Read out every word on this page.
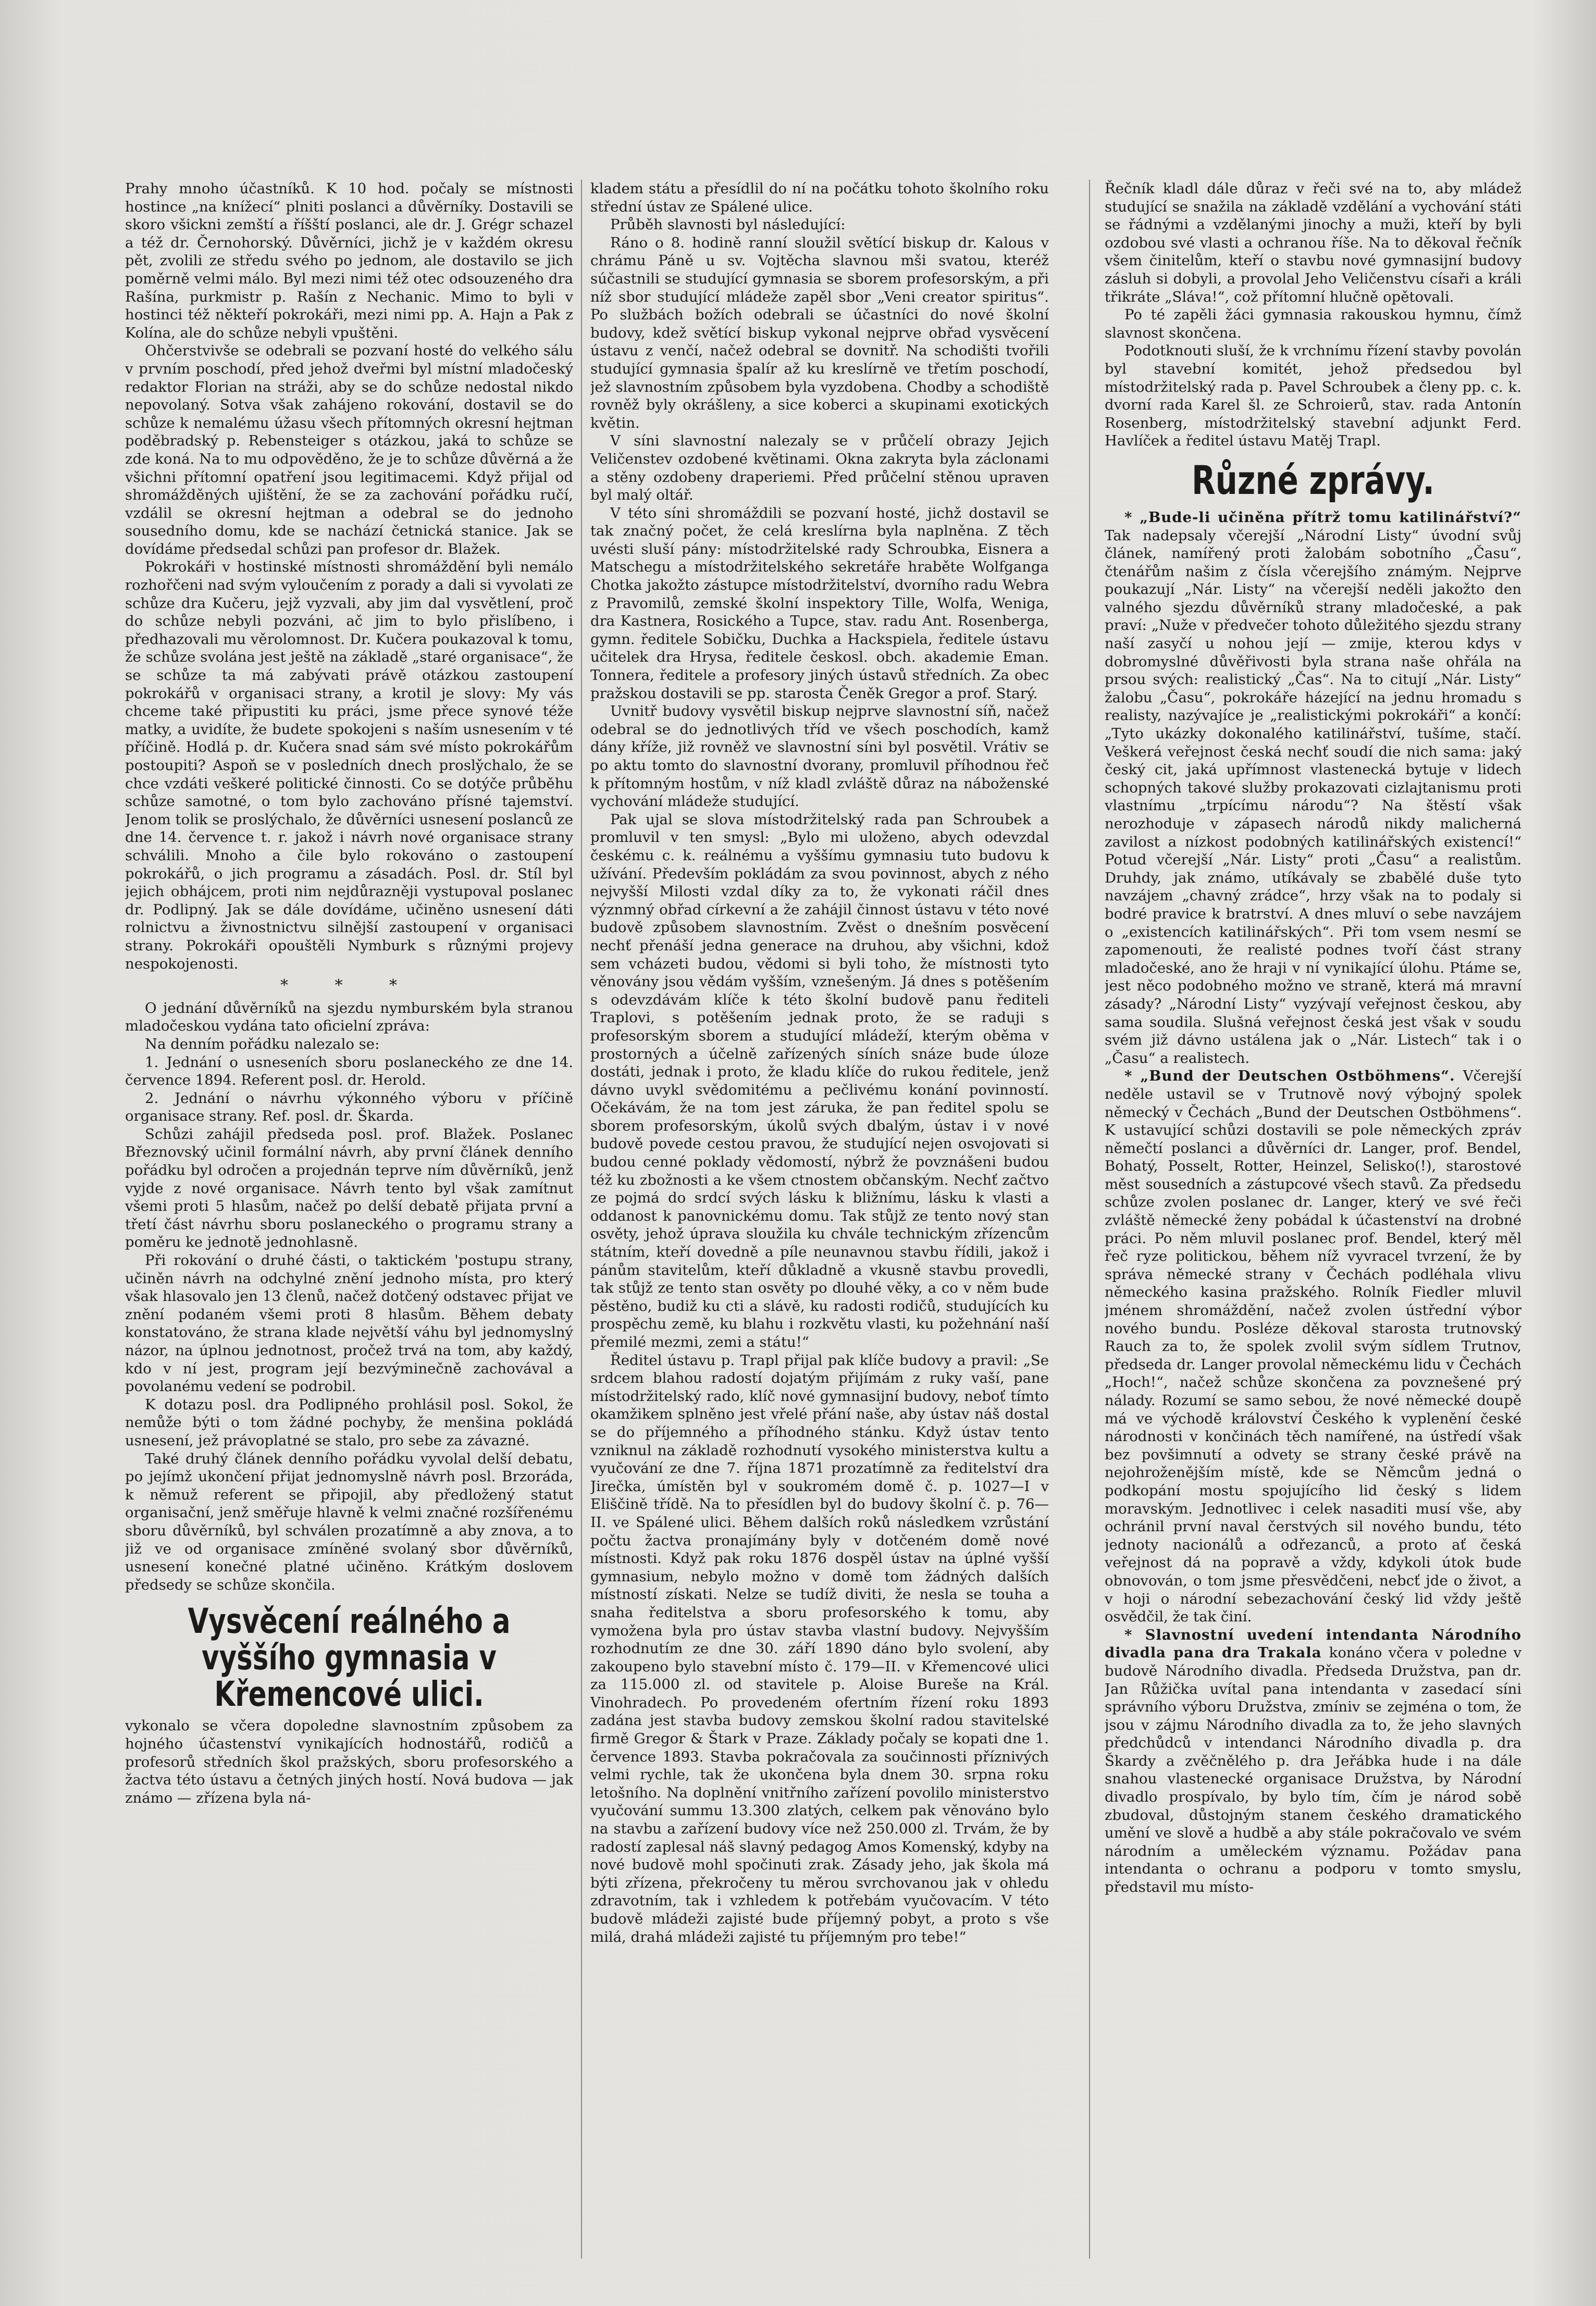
Prahy mnoho účastníků. K 10 hod. počaly se místnosti hostince „na knížecí“ plniti poslanci a důvěrníky. Dostavili se skoro všickni zemští a říšští poslanci, ale dr. J. Grégr schazel a též dr. Černohorský. Důvěrníci, jichž je v každém okresu pět, zvolili ze středu svého po jednom, ale dostavilo se jich poměrně velmi málo. Byl mezi nimi též otec odsouzeného dra Rašína, purkmistr p. Rašín z Nechanic. Mimo to byli v hostinci též někteří pokrokáři, mezi nimi pp. A. Hajn a Pak z Kolína, ale do schůze nebyli vpuštěni.

Ohčerstvivše se odebrali se pozvaní hosté do velkého sálu v prvním poschodí, před jehož dveřmi byl místní mladočeský redaktor Florian na stráži, aby se do schůze nedostal nikdo nepovolaný. Sotva však zahájeno rokování, dostavil se do schůze k nemalému úžasu všech přítomných okresní hejtman poděbradský p. Rebensteiger s otázkou, jaká to schůze se zde koná. Na to mu odpověděno, že je to schůze důvěrná a že všichni přítomní opatření jsou legitimacemi. Když přijal od shromážděných ujištění, že se za zachování pořádku ručí, vzdálil se okresní hejtman a odebral se do jednoho sousedního domu, kde se nachází četnická stanice. Jak se dovídáme předsedal schůzi pan profesor dr. Blažek.

Pokrokáři v hostinské místnosti shromáždění byli nemálo rozhořčeni nad svým vyloučením z porady a dali si vyvolati ze schůze dra Kučeru, jejž vyzvali, aby jim dal vysvětlení, proč do schůze nebyli pozváni, ač jim to bylo přislíbeno, i předhazovali mu věrolomnost. Dr. Kučera poukazoval k tomu, že schůze svolána jest ještě na základě „staré organisace“, že se schůze ta má zabývati právě otázkou zastoupení pokrokářů v organisaci strany, a krotil je slovy: My vás chceme také připustiti ku práci, jsme přece synové téže matky, a uvidíte, že budete spokojeni s naším usnesením v té příčině. Hodlá p. dr. Kučera snad sám své místo pokrokářům postoupiti? Aspoň se v posledních dnech prosly̌chalo, že se chce vzdáti veškeré politické činnosti. Co se dotýče průběhu schůze samotné, o tom bylo zachováno přísné tajemství. Jenom tolik se proslýchalo, že důvěrníci usnesení poslanců ze dne 14. července t. r. jakož i návrh nové organisace strany schválili. Mnoho a čile bylo rokováno o zastoupení pokrokářů, o jich programu a zásadách. Posl. dr. Stíl byl jejich obhájcem, proti nim nejdůrazněji vystupoval poslanec dr. Podlipný. Jak se dále dovídáme, učiněno usnesení dáti rolnictvu a živnostnictvu silnější zastoupení v organisaci strany. Pokrokáři opouštěli Nymburk s různými projevy nespokojenosti.

* * *

O jednání důvěrníků na sjezdu nymburském byla stranou mladočeskou vydána tato oficielní zpráva:

Na denním pořádku nalezalo se:

1. Jednání o usneseních sboru poslaneckého ze dne 14. července 1894. Referent posl. dr. Herold.

2. Jednání o návrhu výkonného výboru v příčině organisace strany. Ref. posl. dr. Škarda.

Schůzi zahájil předseda posl. prof. Blažek. Poslanec Březnovský učinil formální návrh, aby první článek denního pořádku byl odročen a projednán teprve ním důvěrníků, jenž vyjde z nové organisace. Návrh tento byl však zamítnut všemi proti 5 hlasům, načež po delší debatě přijata první a třetí část návrhu sboru poslaneckého o programu strany a poměru ke jednotě jednohlasně.

Při rokování o druhé části, o taktickém 'postupu strany, učiněn návrh na odchylné znění jednoho místa, pro který však hlasovalo jen 13 členů, načež dotčený odstavec přijat ve znění podaném všemi proti 8 hlasům. Během debaty konstatováno, že strana klade největší váhu byl jednomyslný názor, na úplnou jednotnost, pročež trvá na tom, aby každý, kdo v ní jest, program její bezvýminečně zachovával a povolanému vedení se podrobil.

K dotazu posl. dra Podlipného prohlásil posl. Sokol, že nemůže býti o tom žádné pochyby, že menšina pokládá usnesení, jež právoplatné se stalo, pro sebe za závazné.

Také druhý článek denního pořádku vyvolal delší debatu, po jejímž ukončení přijat jednomyslně návrh posl. Brzoráda, k němuž referent se připojil, aby předložený statut organisační, jenž směřuje hlavně k velmi značné rozšířenému sboru důvěrníků, byl schválen prozatímně a aby znova, a to již ve od organisace zmíněné svolaný sbor důvěrníků, usnesení konečné platné učiněno. Krátkým doslovem předsedy se schůze skončila.

Vysvěcení reálného a vyššího gymnasia v Křemencové ulici.

vykonalo se včera dopoledne slavnostním způsobem za hojného účastenství vynikajících hodnostářů, rodičů a profesorů středních škol pražských, sboru profesorského a žactva této ústavu a četných jiných hostí. Nová budova — jak známo — zřízena byla ná-

kladem státu a přesídlil do ní na počátku tohoto školního roku střední ústav ze Spálené ulice.

Průběh slavnosti byl následující:

Ráno o 8. hodině ranní sloužil světící biskup dr. Kalous v chrámu Páně u sv. Vojtěcha slavnou mši svatou, kteréž súčastnili se studující gymnasia se sborem profesorským, a při níž sbor studující mládeže zapěl sbor „Veni creator spiritus“. Po službách božích odebrali se účastníci do nové školní budovy, kdež světící biskup vykonal nejprve obřad vysvěcení ústavu z venčí, načež odebral se dovnitř. Na schodišti tvořili studující gymnasia špalír až ku kreslírně ve třetím poschodí, jež slavnostním způsobem byla vyzdobena. Chodby a schodiště rovněž byly okrášleny, a sice koberci a skupinami exotických květin.

V síni slavnostní nalezaly se v průčelí obrazy Jejich Veličenstev ozdobené květinami. Okna zakryta byla záclonami a stěny ozdobeny draperiemi. Před průčelní stěnou upraven byl malý oltář.

V této síni shromáždili se pozvaní hosté, jichž dostavil se tak značný počet, že celá kreslírna byla naplněna. Z těch uvésti sluší pány: místodržitelské rady Schroubka, Eisnera a Matschegu a místodržitelského sekretáře hraběte Wolfganga Chotka jakožto zástupce místodržitelství, dvorního radu Webra z Pravomilů, zemské školní inspektory Tille, Wolfa, Weniga, dra Kastnera, Rosického a Tupce, stav. radu Ant. Rosenberga, gymn. ředitele Sobičku, Duchka a Hackspiela, ředitele ústavu učitelek dra Hrysa, ředitele českosl. obch. akademie Eman. Tonnera, ředitele a profesory jiných ústavů středních. Za obec pražskou dostavili se pp. starosta Čeněk Gregor a prof. Starý.

Uvnitř budovy vysvětil biskup nejprve slavnostní síň, načež odebral se do jednotlivých tříd ve všech poschodích, kamž dány kříže, již rovněž ve slavnostní síni byl posvětil. Vrátiv se po aktu tomto do slavnostní dvorany, promluvil příhodnou řeč k přítomným hostům, v níž kladl zvláště důraz na náboženské vychování mládeže studující.

Pak ujal se slova místodržitelský rada pan Schroubek a promluvil v ten smysl: „Bylo mi uloženo, abych odevzdal českému c. k. reálnému a vyššímu gymnasiu tuto budovu k užívání. Především pokládám za svou povinnost, abych z ného nejvyšší Milosti vzdal díky za to, že vykonati ráčil dnes význmný obřad církevní a že zahájil činnost ústavu v této nové budově způsobem slavnostním. Zvěst o dnešním posvěcení nechť přenáší jedna generace na druhou, aby všichni, kdož sem vcházeti budou, vědomi si byli toho, že místnosti tyto věnovány jsou vědám vyšším, vznešeným. Já dnes s potěšením s odevzdávám klíče k této školní budově panu řediteli Traplovi, s potěšením jednak proto, že se raduji s profesorským sborem a studující mládeží, kterým oběma v prostorných a účelně zařízených síních snáze bude úloze dostáti, jednak i proto, že kladu klíče do rukou ředitele, jenž dávno uvykl svědomitému a pečlivému konání povinností. Očekávám, že na tom jest záruka, že pan ředitel spolu se sborem profesorským, úkolů svých dbalým, ústav i v nové budově povede cestou pravou, že studující nejen osvojovati si budou cenné poklady vědomostí, nýbrž že povznášeni budou též ku zbožnosti a ke všem ctnostem občanským. Nechť začtvo ze pojmá do srdcí svých lásku k bližnímu, lásku k vlasti a oddanost k panovnickému domu. Tak stůjž ze tento nový stan osvěty, jehož úprava sloužila ku chvále technickým zřízencům státním, kteří dovedně a píle neunavnou stavbu řídili, jakož i pánům stavitelům, kteří důkladně a vkusně stavbu provedli, tak stůjž ze tento stan osvěty po dlouhé věky, a co v něm bude pěstěno, budiž ku cti a slávě, ku radosti rodičů, studujících ku prospěchu země, ku blahu i rozkvětu vlasti, ku požehnání naší přemilé mezmi, zemi a státu!“

Ředitel ústavu p. Trapl přijal pak klíče budovy a pravil: „Se srdcem blahou radostí dojatým přijímám z ruky vaší, pane místodržitelský rado, klíč nové gymnasijní budovy, neboť tímto okamžikem splněno jest vřelé přání naše, aby ústav náš dostal se do příjemného a příhodného stánku. Když ústav tento vzniknul na základě rozhodnutí vysokého ministerstva kultu a vyučování ze dne 7. října 1871 prozatímně za ředitelství dra Jirečka, úmístěn byl v soukromém domě č. p. 1027—I v Eliščině třídě. Na to přesídlen byl do budovy školní č. p. 76—II. ve Spálené ulici. Během dalších roků následkem vzrůstání počtu žactva pronajímány byly v dotčeném domě nové místnosti. Když pak roku 1876 dospěl ústav na úplné vyšší gymnasium, nebylo možno v domě tom žádných dalších místností získati. Nelze se tudíž diviti, že nesla se touha a snaha ředitelstva a sboru profesorského k tomu, aby vymožena byla pro ústav stavba vlastní budovy. Nejvyšším rozhodnutím ze dne 30. září 1890 dáno bylo svolení, aby zakoupeno bylo stavební místo č. 179—II. v Křemencové ulici za 115.000 zl. od stavitele p. Aloise Bureše na Král. Vinohradech. Po provedeném ofertním řízení roku 1893 zadána jest stavba budovy zemskou školní radou stavitelské firmě Gregor & Štark v Praze. Základy počaly se kopati dne 1. července 1893. Stavba pokračovala za součinnosti příznivých velmi rychle, tak že ukončena byla dnem 30. srpna roku letošního. Na doplnění vnitřního zařízení povolilo ministerstvo vyučování summu 13.300 zlatých, celkem pak věnováno bylo na stavbu a zařízení budovy více než 250.000 zl. Trvám, že by radostí zaplesal náš slavný pedagog Amos Komenský, kdyby na nové budově mohl spočinuti zrak. Zásady jeho, jak škola má býti zřízena, překročeny tu měrou svrchovanou jak v ohledu zdravotním, tak i vzhledem k potřebám vyučovacím. V této budově mládeži zajisté bude příjemný pobyt, a proto s vše milá, drahá mládeži zajisté tu příjemným pro tebe!“

Řečník kladl dále důraz v řeči své na to, aby mládež studující se snažila na základě vzdělání a vychování státi se řádnými a vzdělanými jinochy a muži, kteří by byli ozdobou své vlasti a ochranou říše. Na to děkoval řečník všem činitelům, kteří o stavbu nové gymnasijní budovy zásluh si dobyli, a provolal Jeho Veličenstvu císaři a králi třikráte „Sláva!“, což přítomní hlučně opětovali.

Po té zapěli žáci gymnasia rakouskou hymnu, čímž slavnost skončena.

Podotknouti sluší, že k vrchnímu řízení stavby povolán byl stavební komitét, jehož předsedou byl místodržitelský rada p. Pavel Schroubek a členy pp. c. k. dvorní rada Karel šl. ze Schroierů, stav. rada Antonín Rosenberg, místodržitelský stavební adjunkt Ferd. Havlíček a ředitel ústavu Matěj Trapl.

Různé zprávy.

* „Bude-li učiněna přítrž tomu katilinářství?“ Tak nadepsaly včerejší „Národní Listy“ úvodní svůj článek, namířený proti žalobám sobotního „Času“, čtenářům našim z čísla včerejšího známým. Nejprve poukazují „Nár. Listy“ na včerejší neděli jakožto den valného sjezdu důvěrníků strany mladočeské, a pak praví: „Nuže v předvečer tohoto důležitého sjezdu strany naší zasyčí u nohou její — zmije, kterou kdys v dobromyslné důvěřivosti byla strana naše ohřála na prsou svých: realistický „Čas“. Na to citují „Nár. Listy“ žalobu „Času“, pokrokáře házející na jednu hromadu s realisty, nazývajíce je „realistickými pokrokáři“ a končí: „Tyto ukázky dokonalého katilinářství, tušíme, stačí. Veškerá veřejnost česká nechť soudí die nich sama: jaký český cit, jaká upřímnost vlastenecká bytuje v lidech schopných takové služby prokazovati cizlajtanismu proti vlastnímu „trpícímu národu“? Na štěstí však nerozhoduje v zápasech národů nikdy malicherná zavilost a nízkost podobných katilinářských existencí!“ Potud včerejší „Nár. Listy“ proti „Času“ a realistům. Druhdy, jak známo, utíkávaly se zbabělé duše tyto navzájem „chavný zrádce“, hrzy však na to podaly si bodré pravice k bratrství. A dnes mluví o sebe navzájem o „existencích katilinářských“. Při tom vsem nesmí se zapomenouti, že realisté podnes tvoří část strany mladočeské, ano že hraji v ní vynikající úlohu. Ptáme se, jest něco podobného možno ve straně, která má mravní zásady? „Národní Listy“ vyzývají veřejnost českou, aby sama soudila. Slušná veřejnost česká jest však v soudu svém již dávno ustálena jak o „Nár. Listech“ tak i o „Času“ a realistech.

* „Bund der Deutschen Ostböhmens“. Včerejší neděle ustavil se v Trutnově nový výbojný spolek německý v Čechách „Bund der Deutschen Ostböhmens“. K ustavující schůzi dostavili se pole německých zpráv němečtí poslanci a důvěrníci dr. Langer, prof. Bendel, Bohatý, Posselt, Rotter, Heinzel, Selisko(!), starostové měst sousedních a zástupcové všech stavů. Za předsedu schůze zvolen poslanec dr. Langer, který ve své řeči zvláště německé ženy pobádal k účastenství na drobné práci. Po něm mluvil poslanec prof. Bendel, který měl řeč ryze politickou, během níž vyvracel tvrzení, že by správa německé strany v Čechách podléhala vlivu německého kasina pražského. Rolník Fiedler mluvil jménem shromáždění, načež zvolen ústřední výbor nového bundu. Posléze děkoval starosta trutnovský Rauch za to, že spolek zvolil svým sídlem Trutnov, předseda dr. Langer provolal německému lidu v Čechách „Hoch!“, načež schůze skončena za povznešené prý nálady. Rozumí se samo sebou, že nové německé doupě má ve východě království Českého k vyplenění české národnosti v končinách těch namířené, na ústředí však bez povšimnutí a odvety se strany české právě na nejohroženějším místě, kde se Němcům jedná o podkopání mostu spojujícího lid český s lidem moravským. Jednotlivec i celek nasaditi musí vše, aby ochránil první naval čerstvých sil nového bundu, této jednoty nacionálů a odřezanců, a proto ať česká veřejnost dá na popravě a vždy, kdykoli útok bude obnovován, o tom jsme přesvědčeni, nebcť jde o život, a v hoji o národní sebezachování český lid vždy ještě osvědčil, že tak činí.

* Slavnostní uvedení intendanta Národního divadla pana dra Trakala konáno včera v poledne v budově Národního divadla. Předseda Družstva, pan dr. Jan Růžička uvítal pana intendanta v zasedací síni správního výboru Družstva, zmíniv se zejména o tom, že jsou v zájmu Národního divadla za to, že jeho slavných předchůdců v intendanci Národního divadla p. dra Škardy a zvěčnělého p. dra Jeřábka hude i na dále snahou vlastenecké organisace Družstva, by Národní divadlo prospívalo, by bylo tím, čím je národ sobě zbudoval, důstojným stanem českého dramatického umění ve slově a hudbě a aby stále pokračovalo ve svém národním a uměleckém významu. Požádav pana intendanta o ochranu a podporu v tomto smyslu, představil mu místo-
